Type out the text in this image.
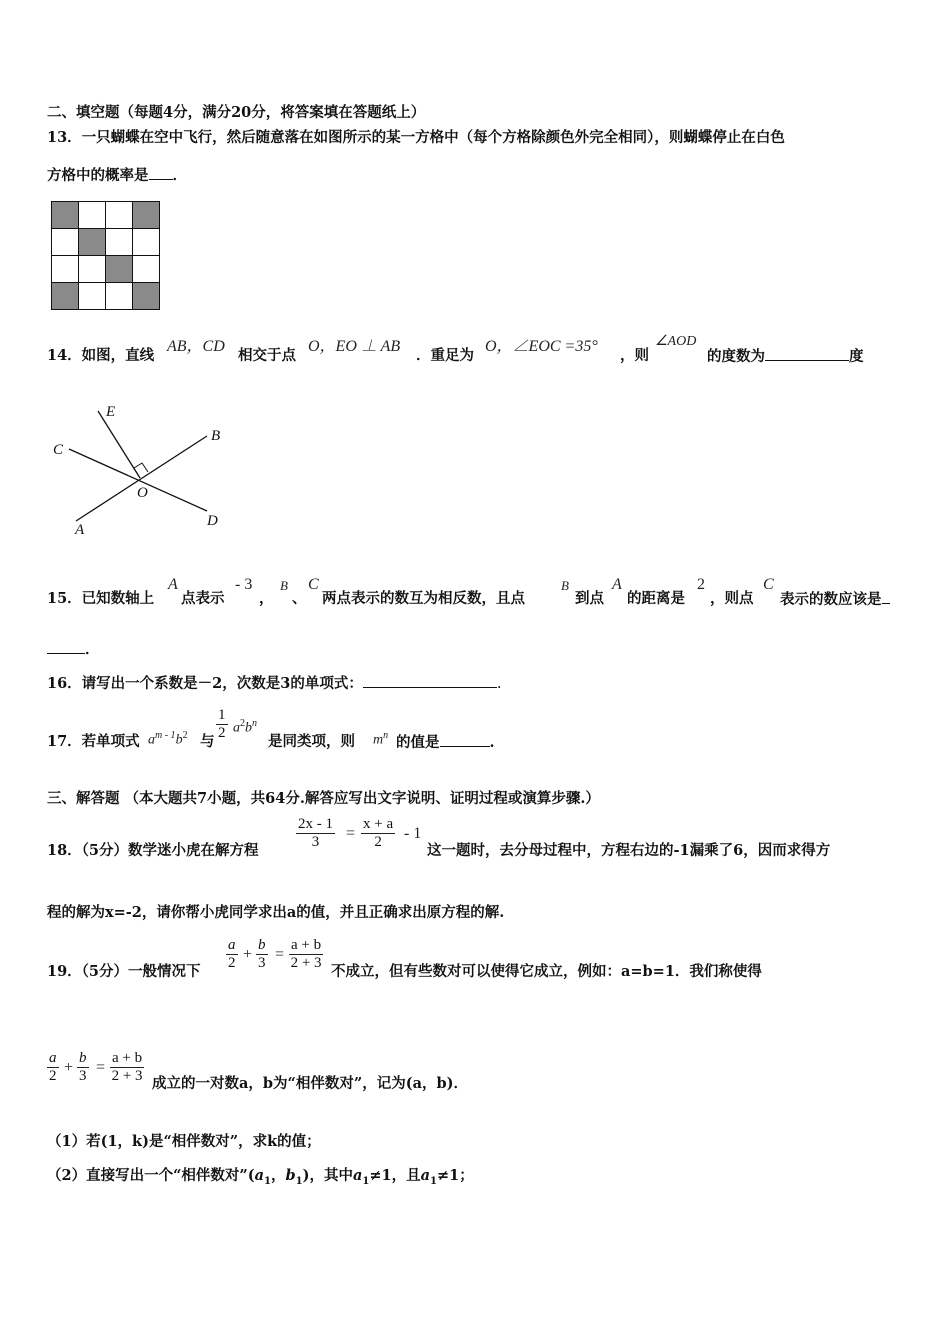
二、填空题（每题4分，满分20分，将答案填在答题纸上）
13．一只蝴蝶在空中飞行，然后随意落在如图所示的某一方格中（每个方格除颜色外完全相同），则蝴蝶停止在白色
方格中的概率是 ．

14．如图，直线
AB，CD
相交于点
O，EO ⊥ AB
．重足为
O，∠EOC =35°
，则
∠AOD
的度数为	度
E
B
C
O
A
D
15．已知数轴上
A
点表示
- 3
，
B
、
C
两点表示的数互为相反数，且点
B
到点
A
的距离是
2
，则点
C
表示的数应该是
．
16．请写出一个系数是－2，次数是3的单项式：	.
17．若单项式 $a^{m - 1}b^2$ 与 $\frac{1}{2} a^2b^n$
是同类项，则 $m^n$ 的值是	.
三、解答题 （本大题共7小题，共64分.解答应写出文字说明、证明过程或演算步骤.）
18．（5分）数学迷小虎在解方程 $\frac{2x - 1}{3} = \frac{x + a}{2} - 1$
这一题时，去分母过程中，方程右边的-1漏乘了6，因而求得方
程的解为x=-2，请你帮小虎同学求出a的值，并且正确求出原方程的解.
19．（5分）一般情况下 $\frac{a}{2} + \frac{b}{3} = \frac{a + b}{2 + 3}$ 不成立，但有些数对可以使得它成立，例如：a=b=1．我们称使得
$\frac{a}{2} + \frac{b}{3} = \frac{a + b}{2 + 3}$ 成立的一对数a，b为“相伴数对”，记为(a，b)．
（1）若(1，k)是“相伴数对”，求k的值；
（2）直接写出一个“相伴数对$”(a_1$，$b_1$)，其中$a_1\ne 1$，且$a_1\ne 1$；
